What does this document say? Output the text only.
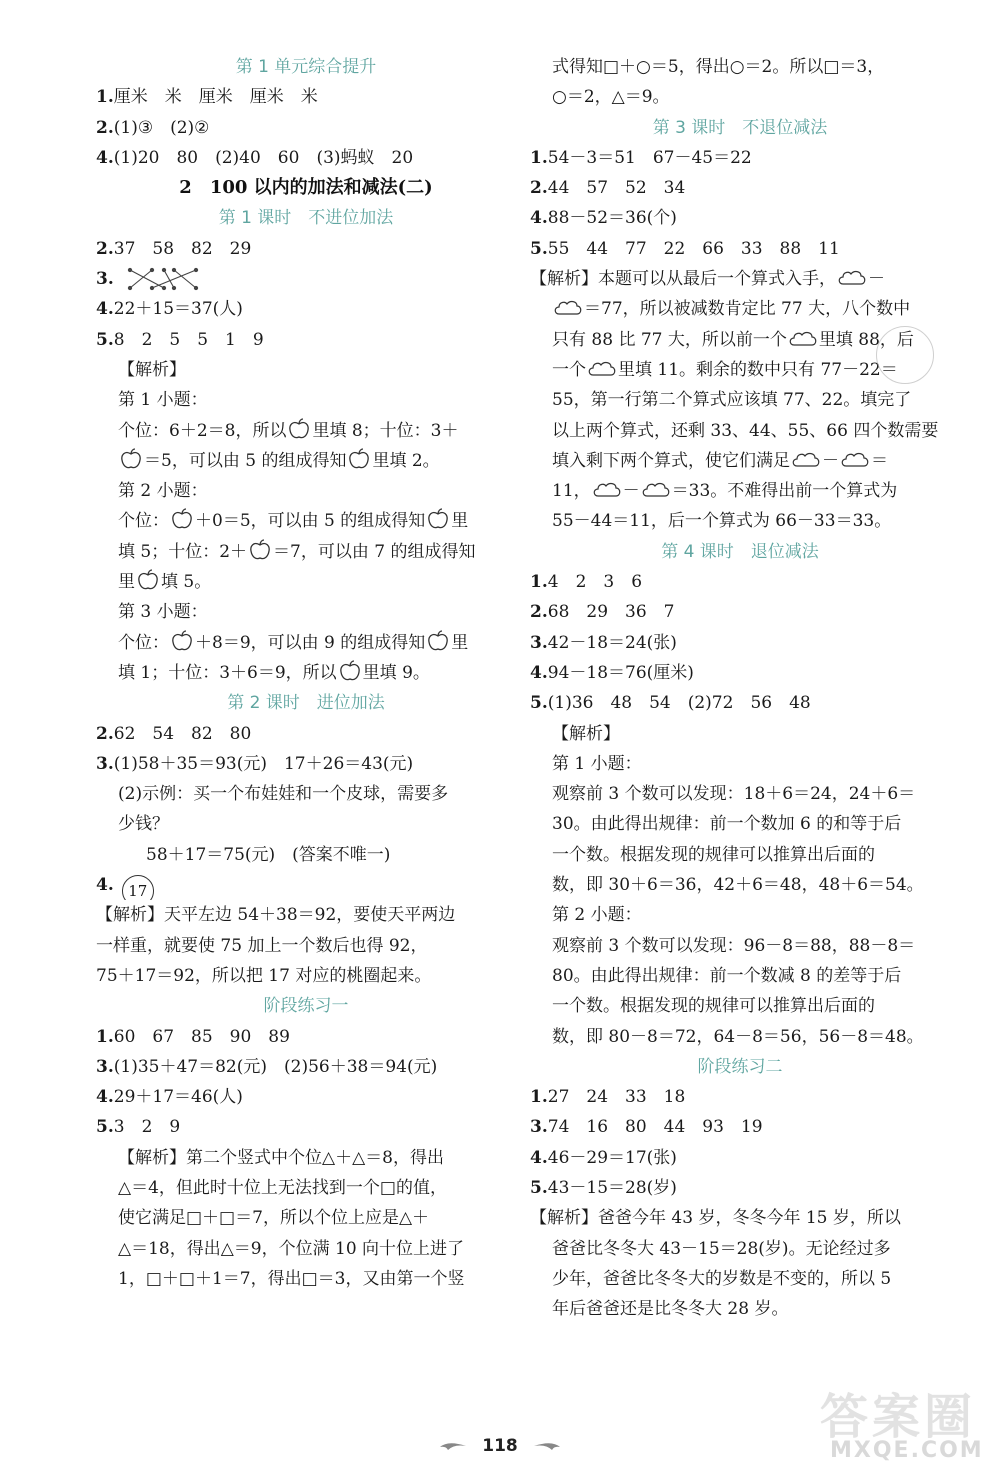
第 1 单元综合提升
1.厘米　米　厘米　厘米　米
2.(1)③　(2)②
4.(1)20　80　(2)40　60　(3)蚂蚁　20
2　100 以内的加法和减法(二)
第 1 课时　不进位加法
2.37　58　82　29
3.
4.22＋15＝37(人)
5.8　2　5　5　1　9
【解析】
第 1 小题：
个位：6＋2＝8，所以 里填 8；十位：3＋
＝5，可以由 5 的组成得知 里填 2。
第 2 小题：
个位： ＋0＝5，可以由 5 的组成得知 里
填 5；十位：2＋ ＝7，可以由 7 的组成得知
里 填 5。
第 3 小题：
个位： ＋8＝9，可以由 9 的组成得知 里
填 1；十位：3＋6＝9，所以 里填 9。
第 2 课时　进位加法
2.62　54　82　80
3.(1)58＋35＝93(元)　17＋26＝43(元)
(2)示例：买一个布娃娃和一个皮球，需要多
少钱？
58＋17＝75(元)　(答案不唯一)
4. 17
【解析】天平左边 54＋38＝92，要使天平两边
一样重，就要使 75 加上一个数后也得 92，
75＋17＝92，所以把 17 对应的桃圈起来。
阶段练习一
1.60　67　85　90　89
3.(1)35＋47＝82(元)　(2)56＋38＝94(元)
4.29＋17＝46(人)
5.3　2　9
【解析】第二个竖式中个位△＋△＝8，得出
△＝4，但此时十位上无法找到一个□的值，
使它满足□＋□＝7，所以个位上应是△＋
△＝18，得出△＝9，个位满 10 向十位上进了
1，□＋□＋1＝7，得出□＝3，又由第一个竖
式得知□＋○＝5，得出○＝2。所以□＝3，
○＝2，△＝9。
第 3 课时　不退位减法
1.54－3＝51　67－45＝22
2.44　57　52　34
4.88－52＝36(个)
5.55　44　77　22　66　33　88　11
【解析】本题可以从最后一个算式入手， －
＝77，所以被减数肯定比 77 大，八个数中
只有 88 比 77 大，所以前一个 里填 88，后
一个 里填 11。剩余的数中只有 77－22＝
55，第一行第二个算式应该填 77、22。填完了
以上两个算式，还剩 33、44、55、66 四个数需要
填入剩下两个算式，使它们满足 － ＝
11， － ＝33。不难得出前一个算式为
55－44＝11，后一个算式为 66－33＝33。
第 4 课时　退位减法
1.4　2　3　6
2.68　29　36　7
3.42－18＝24(张)
4.94－18＝76(厘米)
5.(1)36　48　54　(2)72　56　48
【解析】
第 1 小题：
观察前 3 个数可以发现：18＋6＝24，24＋6＝
30。由此得出规律：前一个数加 6 的和等于后
一个数。根据发现的规律可以推算出后面的
数，即 30＋6＝36，42＋6＝48，48＋6＝54。
第 2 小题：
观察前 3 个数可以发现：96－8＝88，88－8＝
80。由此得出规律：前一个数减 8 的差等于后
一个数。根据发现的规律可以推算出后面的
数，即 80－8＝72，64－8＝56，56－8＝48。
阶段练习二
1.27　24　33　18
3.74　16　80　44　93　19
4.46－29＝17(张)
5.43－15＝28(岁)
【解析】爸爸今年 43 岁，冬冬今年 15 岁，所以
爸爸比冬冬大 43－15＝28(岁)。无论经过多
少年，爸爸比冬冬大的岁数是不变的，所以 5
年后爸爸还是比冬冬大 28 岁。
118
答案圈
MXQE.COM
